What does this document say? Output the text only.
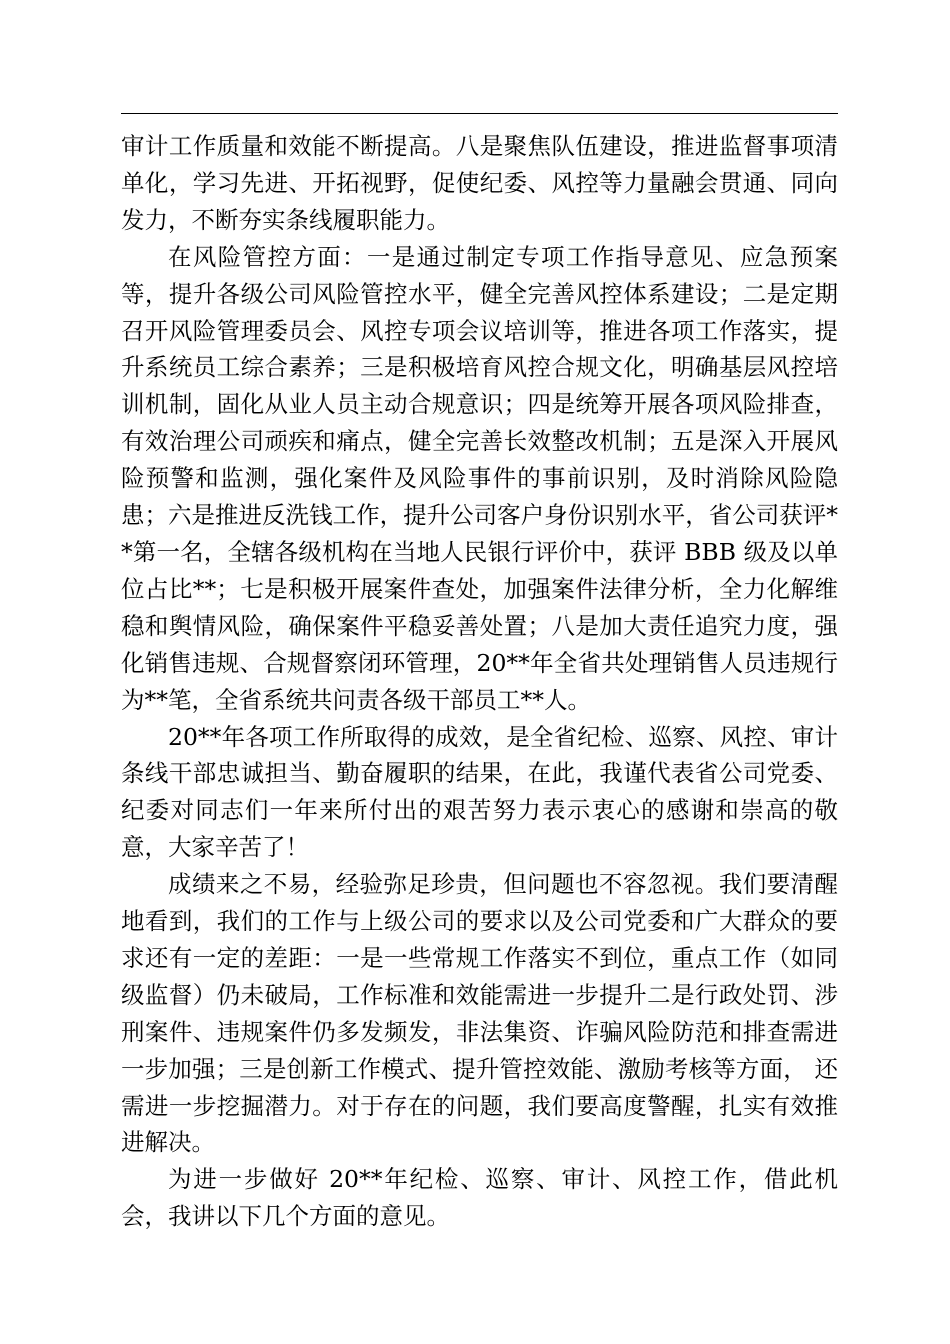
审计工作质量和效能不断提高。八是聚焦队伍建设，推进监督事项清单化，学习先进、开拓视野，促使纪委、风控等力量融会贯通、同向发力，不断夯实条线履职能力。

在风险管控方面：一是通过制定专项工作指导意见、应急预案等，提升各级公司风险管控水平，健全完善风控体系建设；二是定期召开风险管理委员会、风控专项会议培训等，推进各项工作落实，提升系统员工综合素养；三是积极培育风控合规文化，明确基层风控培训机制，固化从业人员主动合规意识；四是统筹开展各项风险排查，有效治理公司顽疾和痛点，健全完善长效整改机制；五是深入开展风险预警和监测，强化案件及风险事件的事前识别，及时消除风险隐患；六是推进反洗钱工作，提升公司客户身份识别水平，省公司获评**第一名，全辖各级机构在当地人民银行评价中，获评 BBB 级及以单位占比**；七是积极开展案件查处，加强案件法律分析，全力化解维稳和舆情风险，确保案件平稳妥善处置；八是加大责任追究力度，强化销售违规、合规督察闭环管理，20**年全省共处理销售人员违规行为**笔，全省系统共问责各级干部员工**人。

20**年各项工作所取得的成效，是全省纪检、巡察、风控、审计条线干部忠诚担当、勤奋履职的结果，在此，我谨代表省公司党委、纪委对同志们一年来所付出的艰苦努力表示衷心的感谢和崇高的敬意，大家辛苦了！

成绩来之不易，经验弥足珍贵，但问题也不容忽视。我们要清醒地看到，我们的工作与上级公司的要求以及公司党委和广大群众的要求还有一定的差距：一是一些常规工作落实不到位，重点工作（如同级监督）仍未破局，工作标准和效能需进一步提升二是行政处罚、涉刑案件、违规案件仍多发频发，非法集资、诈骗风险防范和排查需进一步加强；三是创新工作模式、提升管控效能、激励考核等方面， 还需进一步挖掘潜力。对于存在的问题，我们要高度警醒，扎实有效推进解决。

为进一步做好 20**年纪检、巡察、审计、风控工作，借此机会，我讲以下几个方面的意见。
